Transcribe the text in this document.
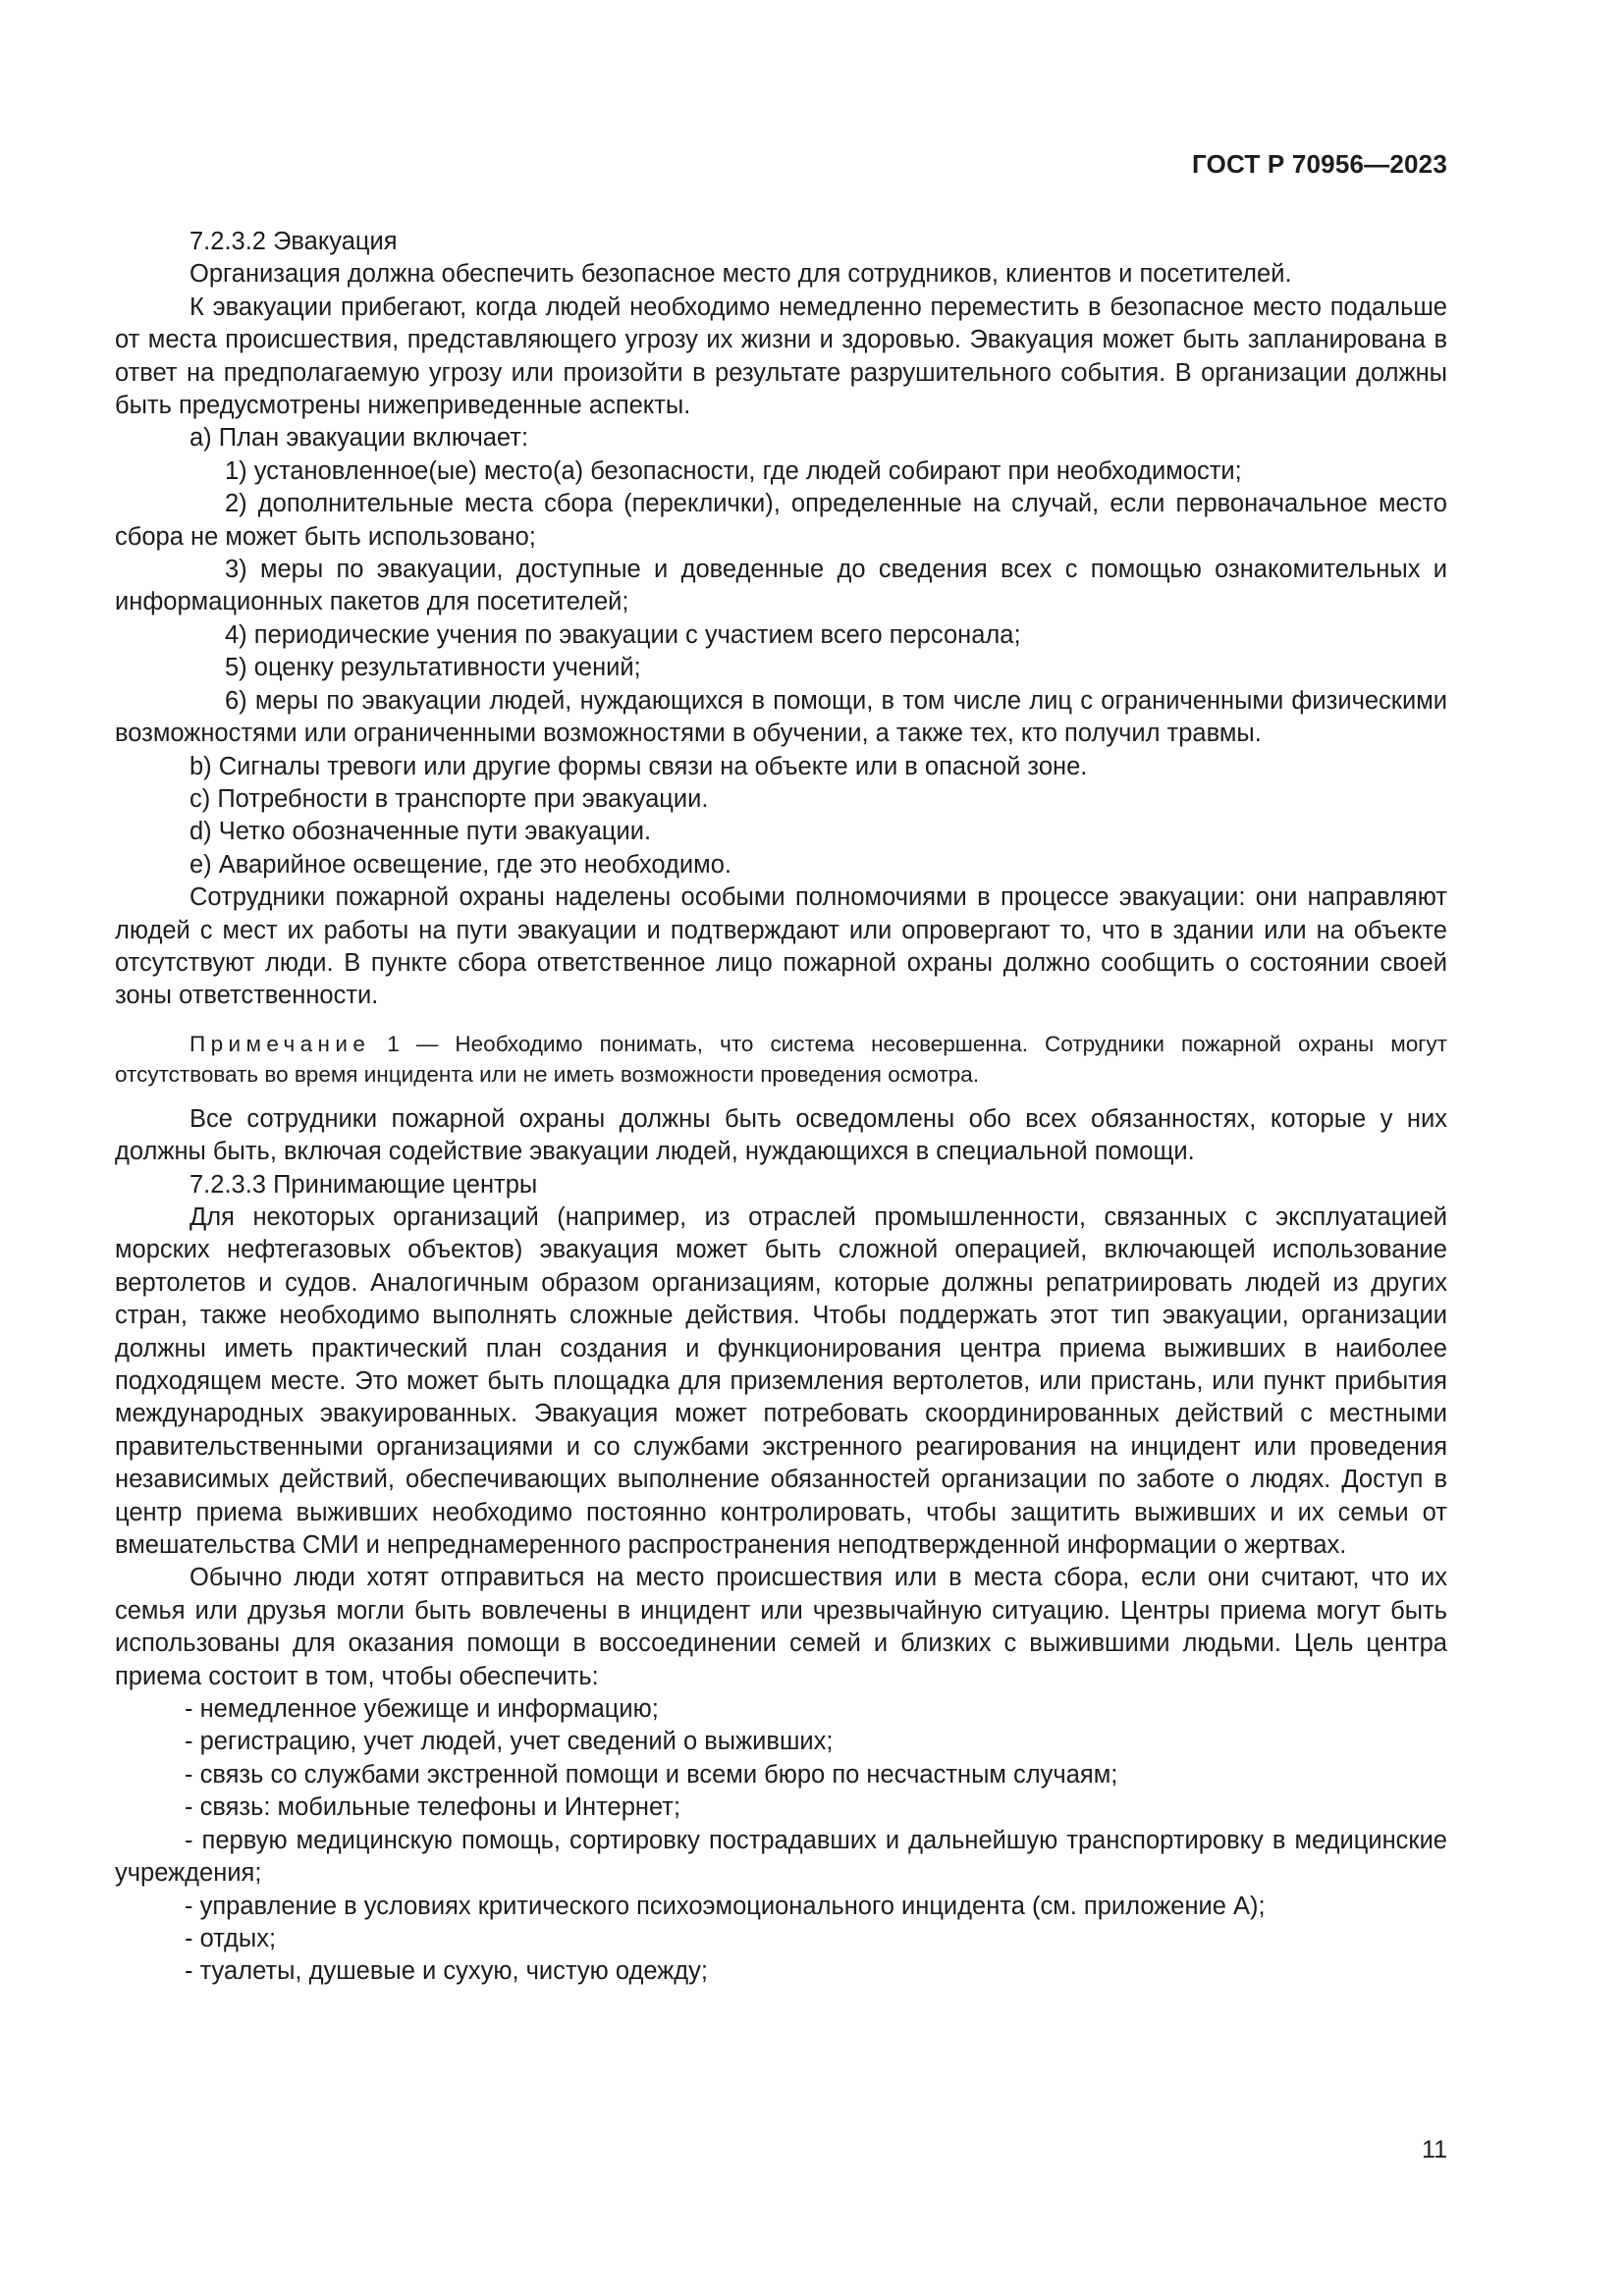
ГОСТ Р 70956—2023

7.2.3.2 Эвакуация

Организация должна обеспечить безопасное место для сотрудников, клиентов и посетителей.

К эвакуации прибегают, когда людей необходимо немедленно переместить в безопасное место подальше от места происшествия, представляющего угрозу их жизни и здоровью. Эвакуация может быть запланирована в ответ на предполагаемую угрозу или произойти в результате разрушительного события. В организации должны быть предусмотрены нижеприведенные аспекты.

a) План эвакуации включает:

1) установленное(ые) место(а) безопасности, где людей собирают при необходимости;

2) дополнительные места сбора (переклички), определенные на случай, если первоначальное место сбора не может быть использовано;

3) меры по эвакуации, доступные и доведенные до сведения всех с помощью ознакомительных и информационных пакетов для посетителей;

4) периодические учения по эвакуации с участием всего персонала;

5) оценку результативности учений;

6) меры по эвакуации людей, нуждающихся в помощи, в том числе лиц с ограниченными физическими возможностями или ограниченными возможностями в обучении, а также тех, кто получил травмы.

b) Сигналы тревоги или другие формы связи на объекте или в опасной зоне.

c) Потребности в транспорте при эвакуации.

d) Четко обозначенные пути эвакуации.

e) Аварийное освещение, где это необходимо.

Сотрудники пожарной охраны наделены особыми полномочиями в процессе эвакуации: они направляют людей с мест их работы на пути эвакуации и подтверждают или опровергают то, что в здании или на объекте отсутствуют люди. В пункте сбора ответственное лицо пожарной охраны должно сообщить о состоянии своей зоны ответственности.

Примечание 1 — Необходимо понимать, что система несовершенна. Сотрудники пожарной охраны могут отсутствовать во время инцидента или не иметь возможности проведения осмотра.

Все сотрудники пожарной охраны должны быть осведомлены обо всех обязанностях, которые у них должны быть, включая содействие эвакуации людей, нуждающихся в специальной помощи.

7.2.3.3 Принимающие центры

Для некоторых организаций (например, из отраслей промышленности, связанных с эксплуатацией морских нефтегазовых объектов) эвакуация может быть сложной операцией, включающей использование вертолетов и судов. Аналогичным образом организациям, которые должны репатриировать людей из других стран, также необходимо выполнять сложные действия. Чтобы поддержать этот тип эвакуации, организации должны иметь практический план создания и функционирования центра приема выживших в наиболее подходящем месте. Это может быть площадка для приземления вертолетов, или пристань, или пункт прибытия международных эвакуированных. Эвакуация может потребовать скоординированных действий с местными правительственными организациями и со службами экстренного реагирования на инцидент или проведения независимых действий, обеспечивающих выполнение обязанностей организации по заботе о людях. Доступ в центр приема выживших необходимо постоянно контролировать, чтобы защитить выживших и их семьи от вмешательства СМИ и непреднамеренного распространения неподтвержденной информации о жертвах.

Обычно люди хотят отправиться на место происшествия или в места сбора, если они считают, что их семья или друзья могли быть вовлечены в инцидент или чрезвычайную ситуацию. Центры приема могут быть использованы для оказания помощи в воссоединении семей и близких с выжившими людьми. Цель центра приема состоит в том, чтобы обеспечить:

- немедленное убежище и информацию;

- регистрацию, учет людей, учет сведений о выживших;

- связь со службами экстренной помощи и всеми бюро по несчастным случаям;

- связь: мобильные телефоны и Интернет;

- первую медицинскую помощь, сортировку пострадавших и дальнейшую транспортировку в медицинские учреждения;

- управление в условиях критического психоэмоционального инцидента (см. приложение А);

- отдых;

- туалеты, душевые и сухую, чистую одежду;

11
